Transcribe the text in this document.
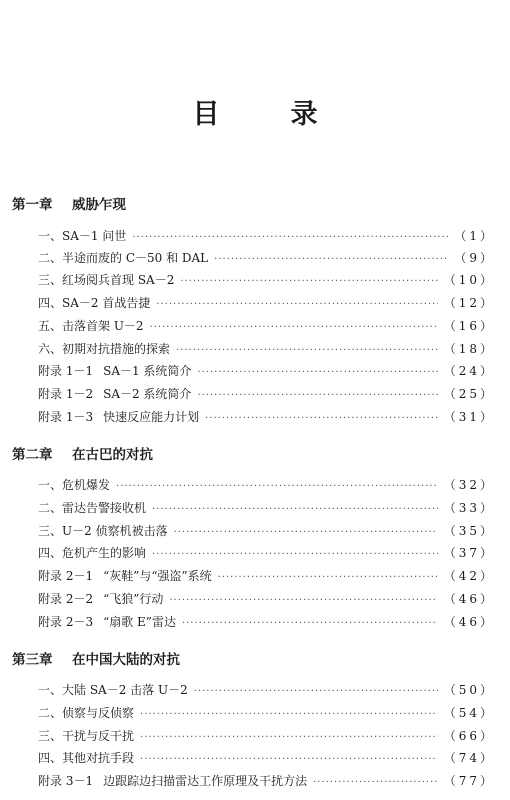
目　录
第一章 威胁乍现
一、SA－1 问世 ·····	（1）
二、半途而废的 C－50 和 DAL ·····	（9）
三、红场阅兵首现 SA－2 ·····	（10）
四、SA－2 首战告捷 ·····	（12）
五、击落首架 U－2 ·····	（16）
六、初期对抗措施的探索 ·····	（18）
附录 1－1 SA－1 系统简介 ·····	（24）
附录 1－2 SA－2 系统简介 ·····	（25）
附录 1－3 快速反应能力计划 ·····	（31）
第二章 在古巴的对抗
一、危机爆发 ·····	（32）
二、雷达告警接收机 ·····	（33）
三、U－2 侦察机被击落 ·····	（35）
四、危机产生的影响 ·····	（37）
附录 2－1 “灰鞋”与“强盗”系统 ·····	（42）
附录 2－2 “飞狼”行动 ·····	（46）
附录 2－3 “扇歌 E”雷达 ·····	（46）
第三章 在中国大陆的对抗
一、大陆 SA－2 击落 U－2 ·····	（50）
二、侦察与反侦察 ·····	（54）
三、干扰与反干扰 ·····	（66）
四、其他对抗手段 ·····	（74）
附录 3－1 边跟踪边扫描雷达工作原理及干扰方法 ·····	（77）
